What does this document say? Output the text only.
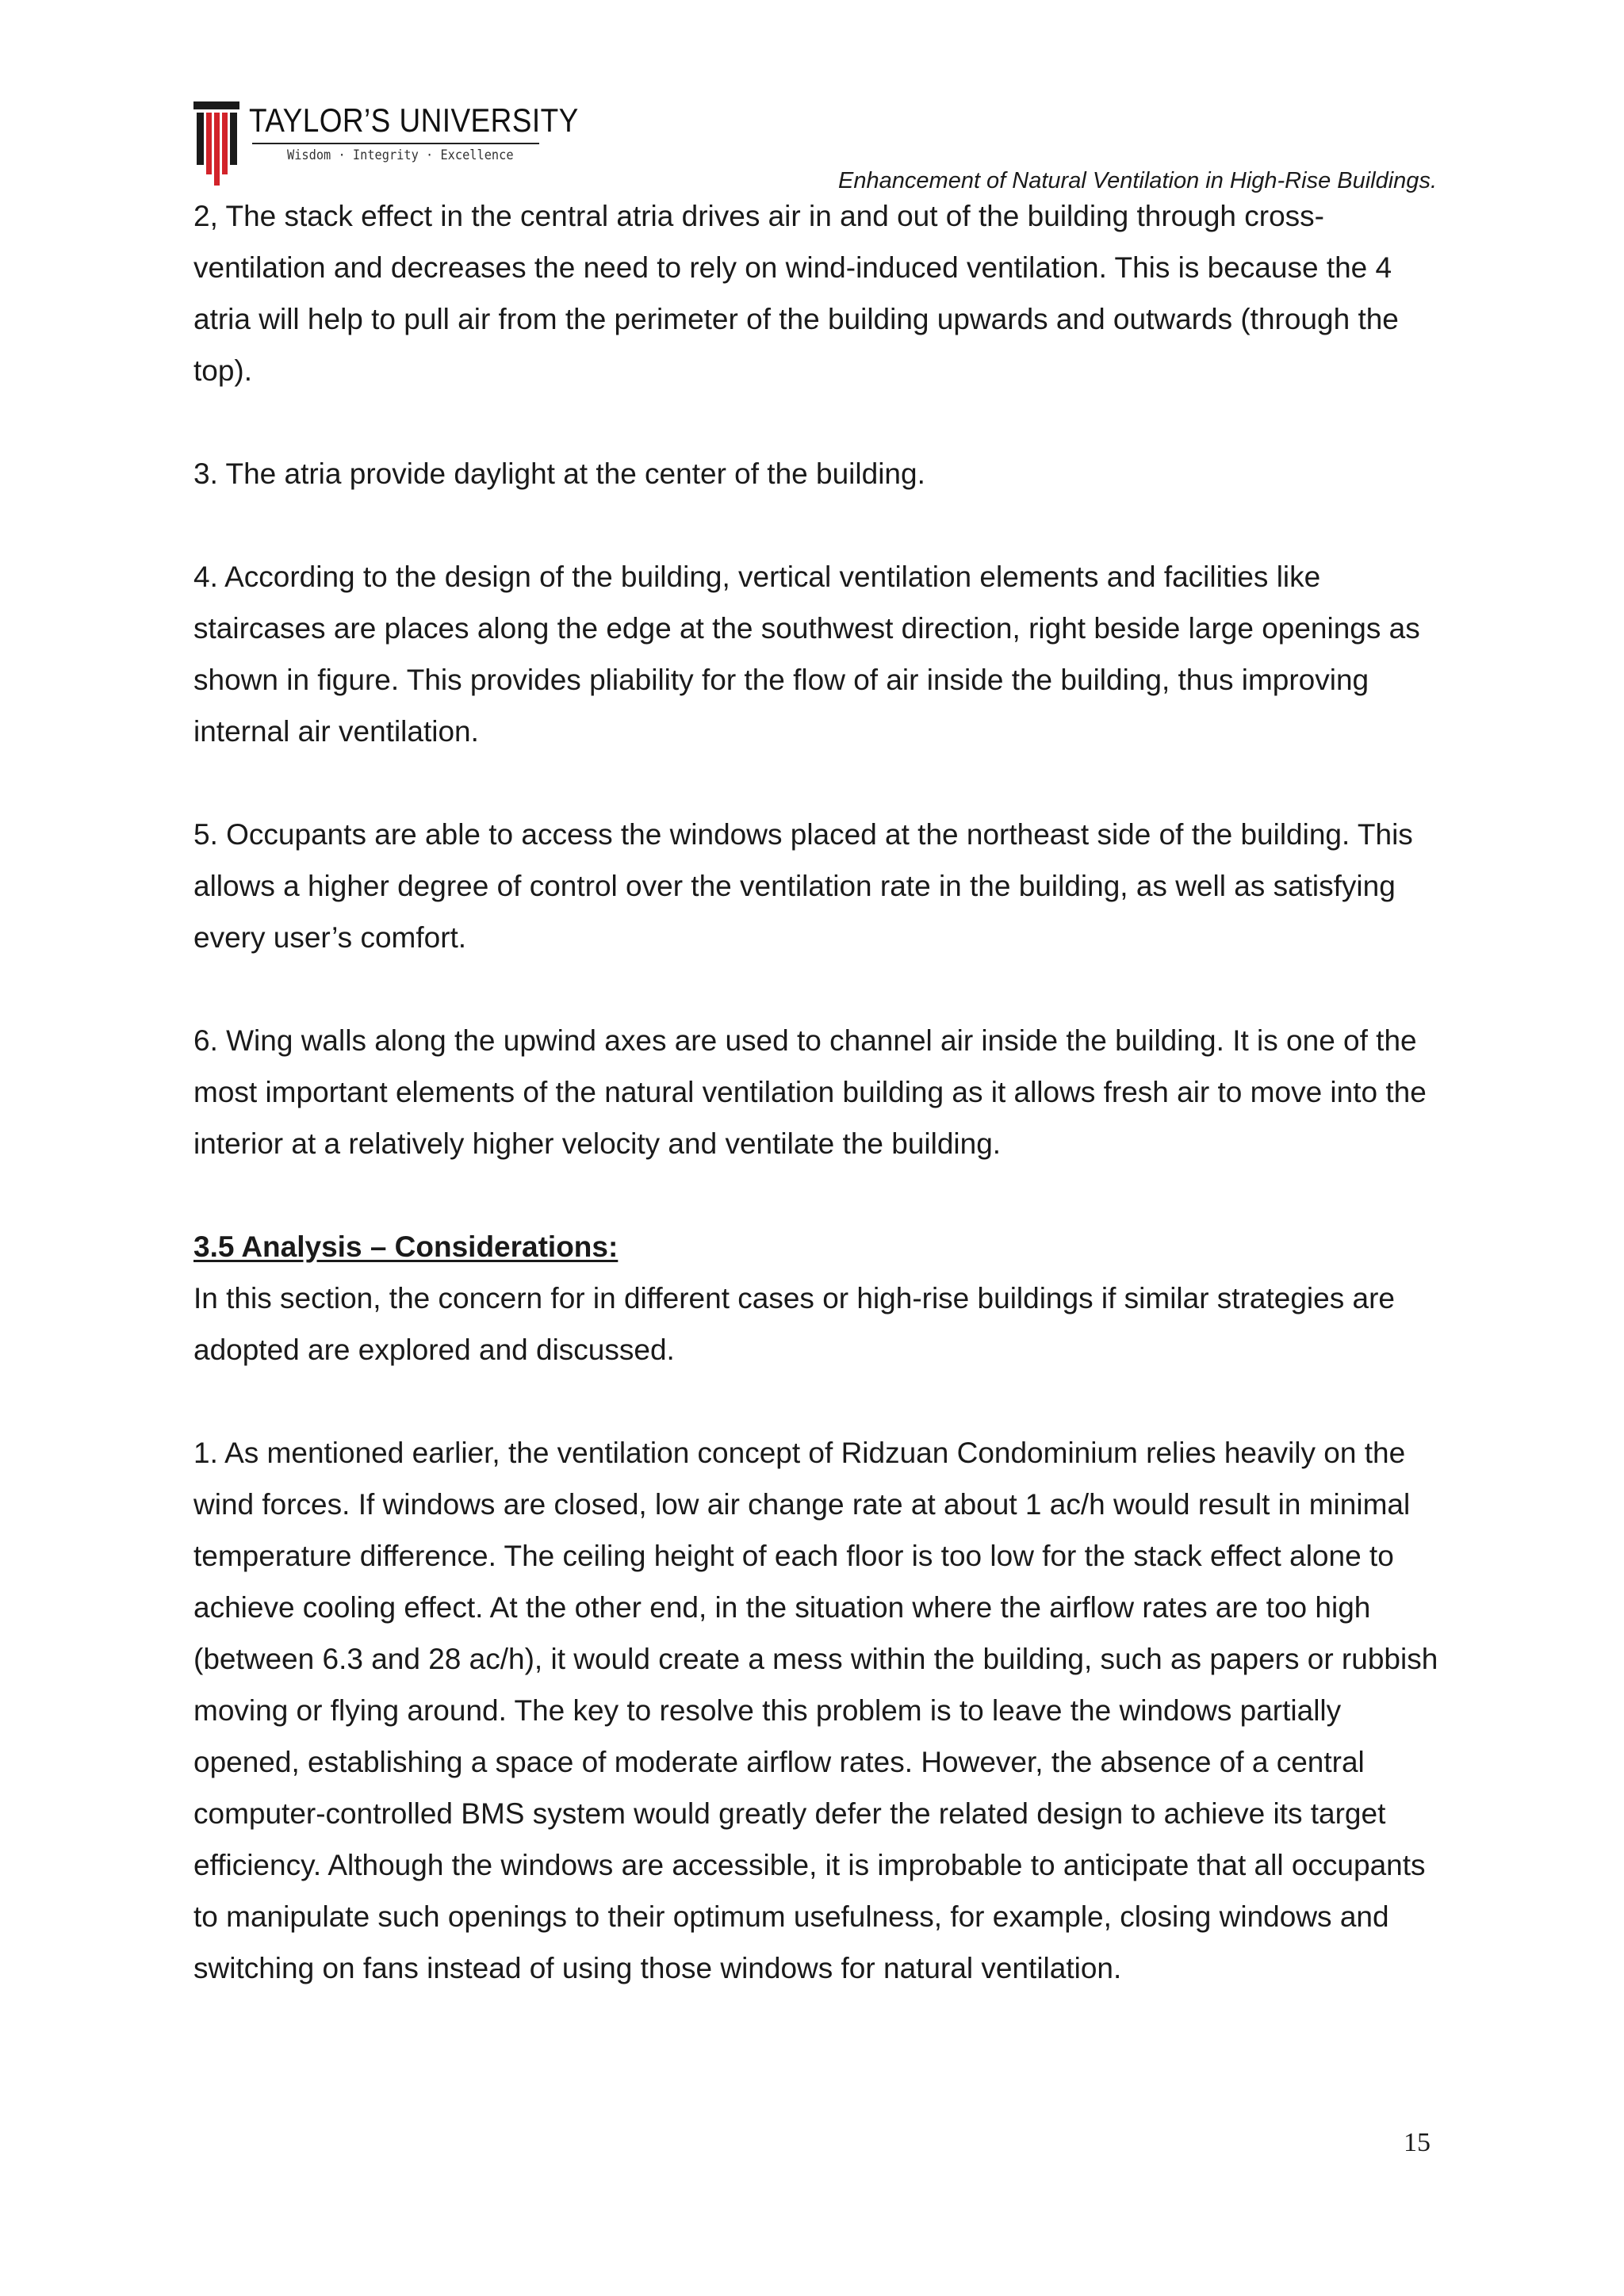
TAYLOR’S UNIVERSITY
Wisdom · Integrity · Excellence
Enhancement of Natural Ventilation in High-Rise Buildings.

2, The stack effect in the central atria drives air in and out of the building through cross-ventilation and decreases the need to rely on wind-induced ventilation. This is because the 4 atria will help to pull air from the perimeter of the building upwards and outwards (through the top).

3. The atria provide daylight at the center of the building.

4. According to the design of the building, vertical ventilation elements and facilities like staircases are places along the edge at the southwest direction, right beside large openings as shown in figure. This provides pliability for the flow of air inside the building, thus improving internal air ventilation.

5. Occupants are able to access the windows placed at the northeast side of the building. This allows a higher degree of control over the ventilation rate in the building, as well as satisfying every user’s comfort.

6. Wing walls along the upwind axes are used to channel air inside the building. It is one of the most important elements of the natural ventilation building as it allows fresh air to move into the interior at a relatively higher velocity and ventilate the building.

3.5 Analysis – Considerations:

In this section, the concern for in different cases or high-rise buildings if similar strategies are adopted are explored and discussed.

1. As mentioned earlier, the ventilation concept of Ridzuan Condominium relies heavily on the wind forces. If windows are closed, low air change rate at about 1 ac/h would result in minimal temperature difference. The ceiling height of each floor is too low for the stack effect alone to achieve cooling effect. At the other end, in the situation where the airflow rates are too high (between 6.3 and 28 ac/h), it would create a mess within the building, such as papers or rubbish moving or flying around. The key to resolve this problem is to leave the windows partially opened, establishing a space of moderate airflow rates. However, the absence of a central computer-controlled BMS system would greatly defer the related design to achieve its target efficiency. Although the windows are accessible, it is improbable to anticipate that all occupants to manipulate such openings to their optimum usefulness, for example, closing windows and switching on fans instead of using those windows for natural ventilation.

15
